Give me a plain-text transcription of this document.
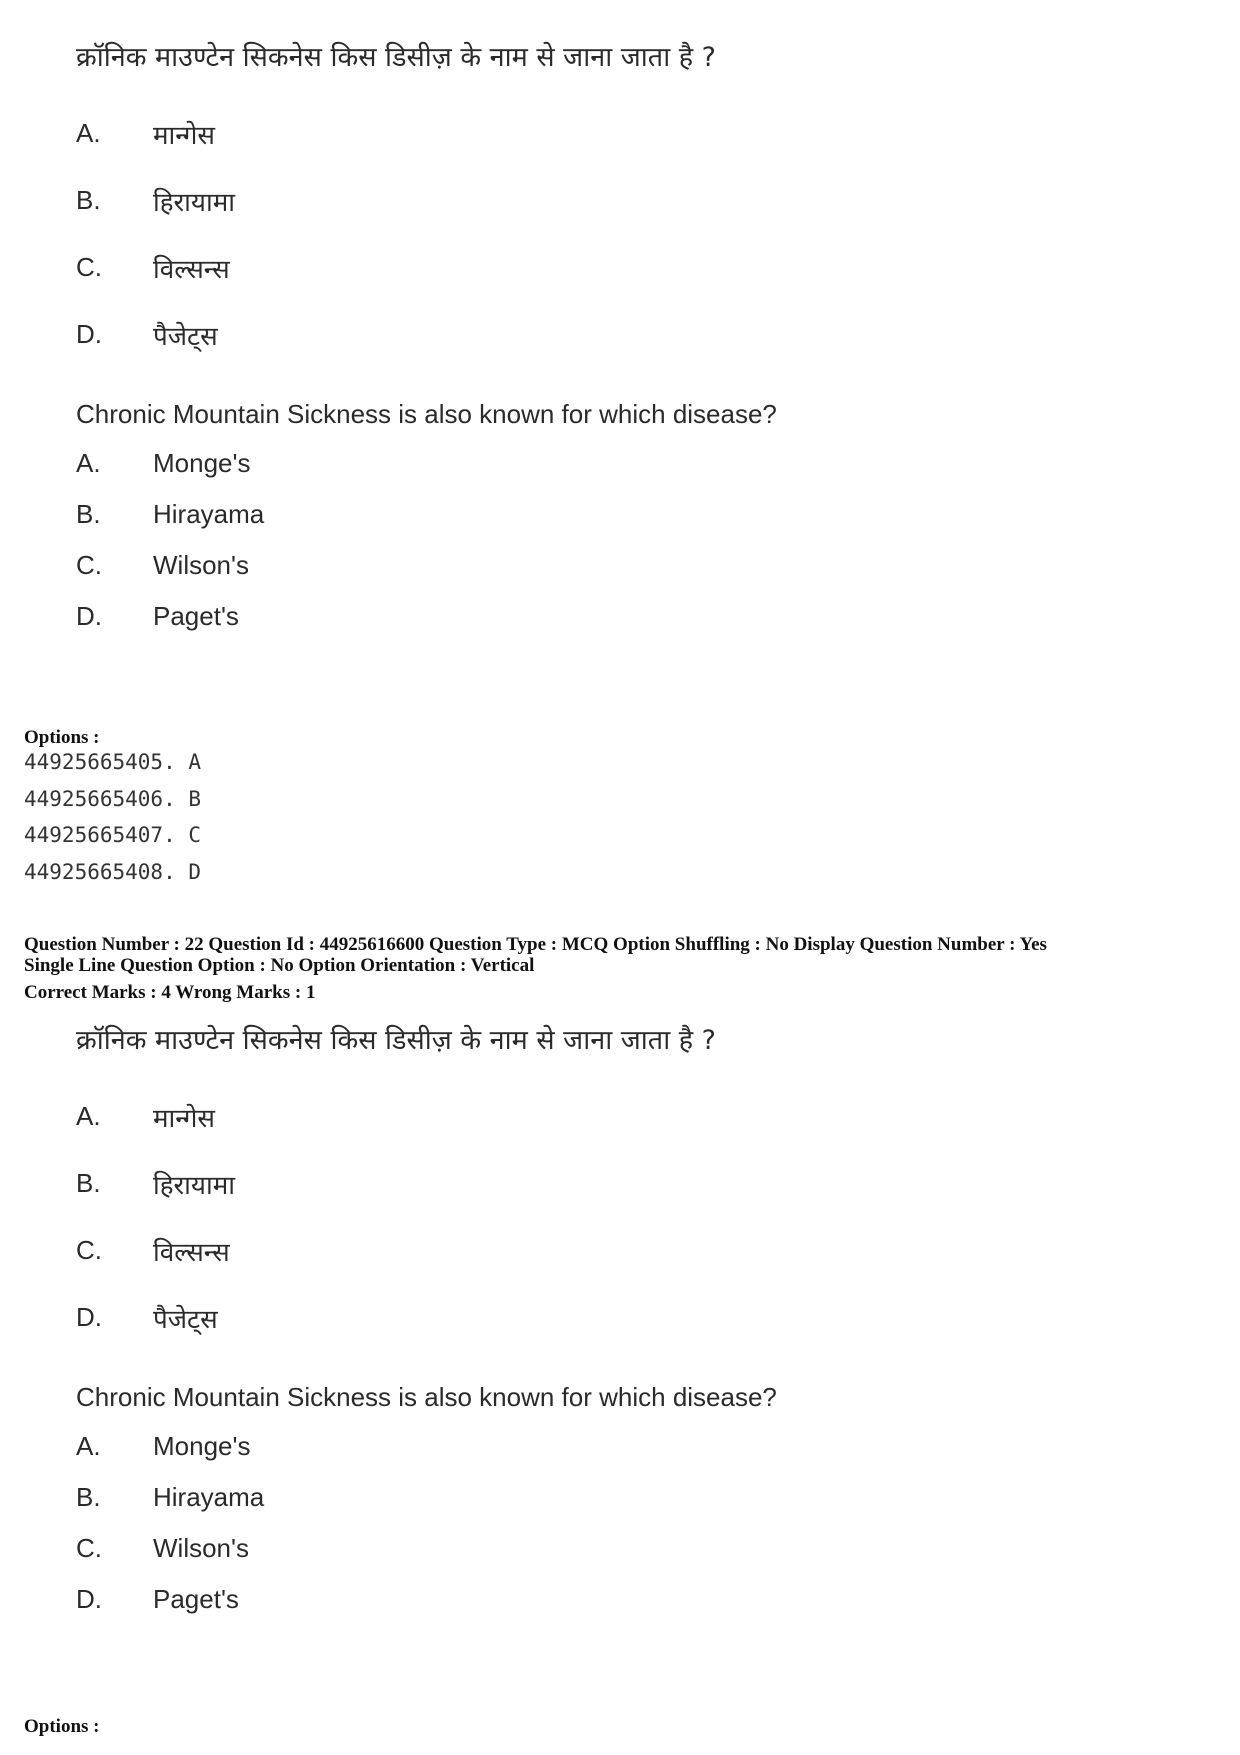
क्रॉनिक माउण्टेन सिकनेस किस डिसीज़ के नाम से जाना जाता है ?

A.	मान्गेस
B.	हिरायामा
C.	विल्सन्स
D.	पैजेट्स

Chronic Mountain Sickness is also known for which disease?

A.	Monge's
B.	Hirayama
C.	Wilson's
D.	Paget's

Options :

44925665405. A
44925665406. B
44925665407. C
44925665408. D

Question Number : 22 Question Id : 44925616600 Question Type : MCQ Option Shuffling : No Display Question Number : Yes

Single Line Question Option : No Option Orientation : Vertical

Correct Marks : 4 Wrong Marks : 1

क्रॉनिक माउण्टेन सिकनेस किस डिसीज़ के नाम से जाना जाता है ?

A.	मान्गेस
B.	हिरायामा
C.	विल्सन्स
D.	पैजेट्स

Chronic Mountain Sickness is also known for which disease?

A.	Monge's
B.	Hirayama
C.	Wilson's
D.	Paget's

Options :
